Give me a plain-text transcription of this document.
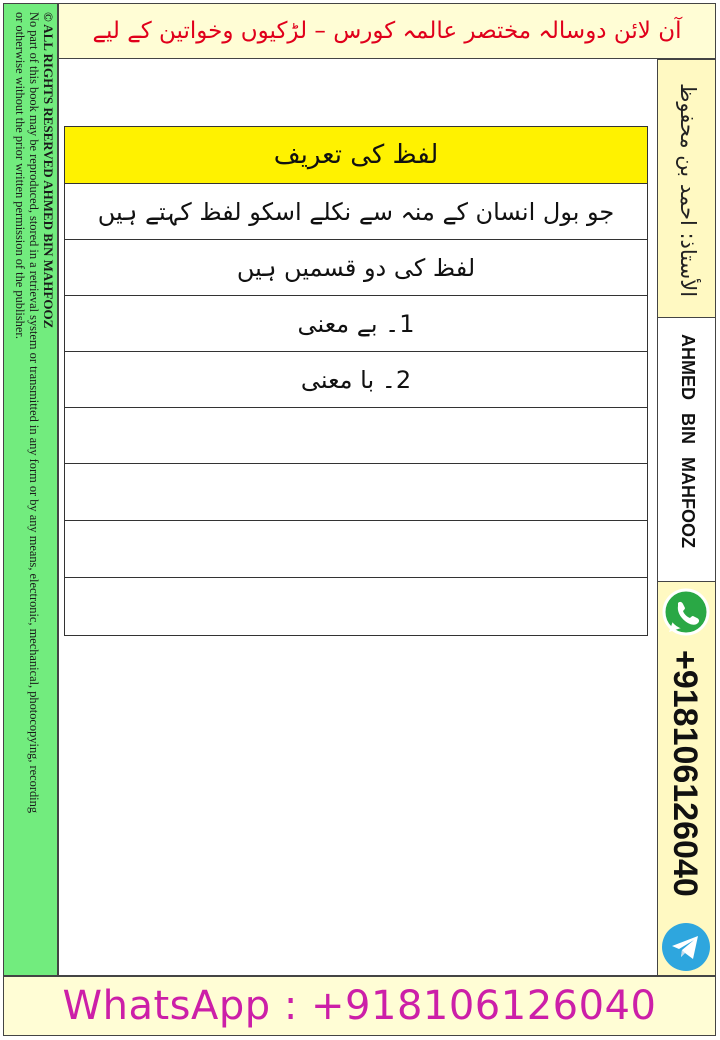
آن لائن دوسالہ مختصر عالمہ کورس – لڑکیوں وخواتین کے لیے
© ALL RIGHTS RESERVED AHMED BIN MAHFOOZ
No part of this book may be reproduced, stored in a retrieval system or transmitted in any form or by any means, electronic, mechanical, photocopying, recording
or otherwise without the prior written permission of the publisher.	لفظ کی تعریف
جو بول انسان کے منہ سے نکلے اسکو لفظ کہتے ہیں
لفظ کی دو قسمیں ہیں
1۔ بے معنی
2۔ با معنی
الأستاذ: احمد بن محفوظ
AHMED BIN MAHFOOZ
+918106126040
WhatsApp : +918106126040
